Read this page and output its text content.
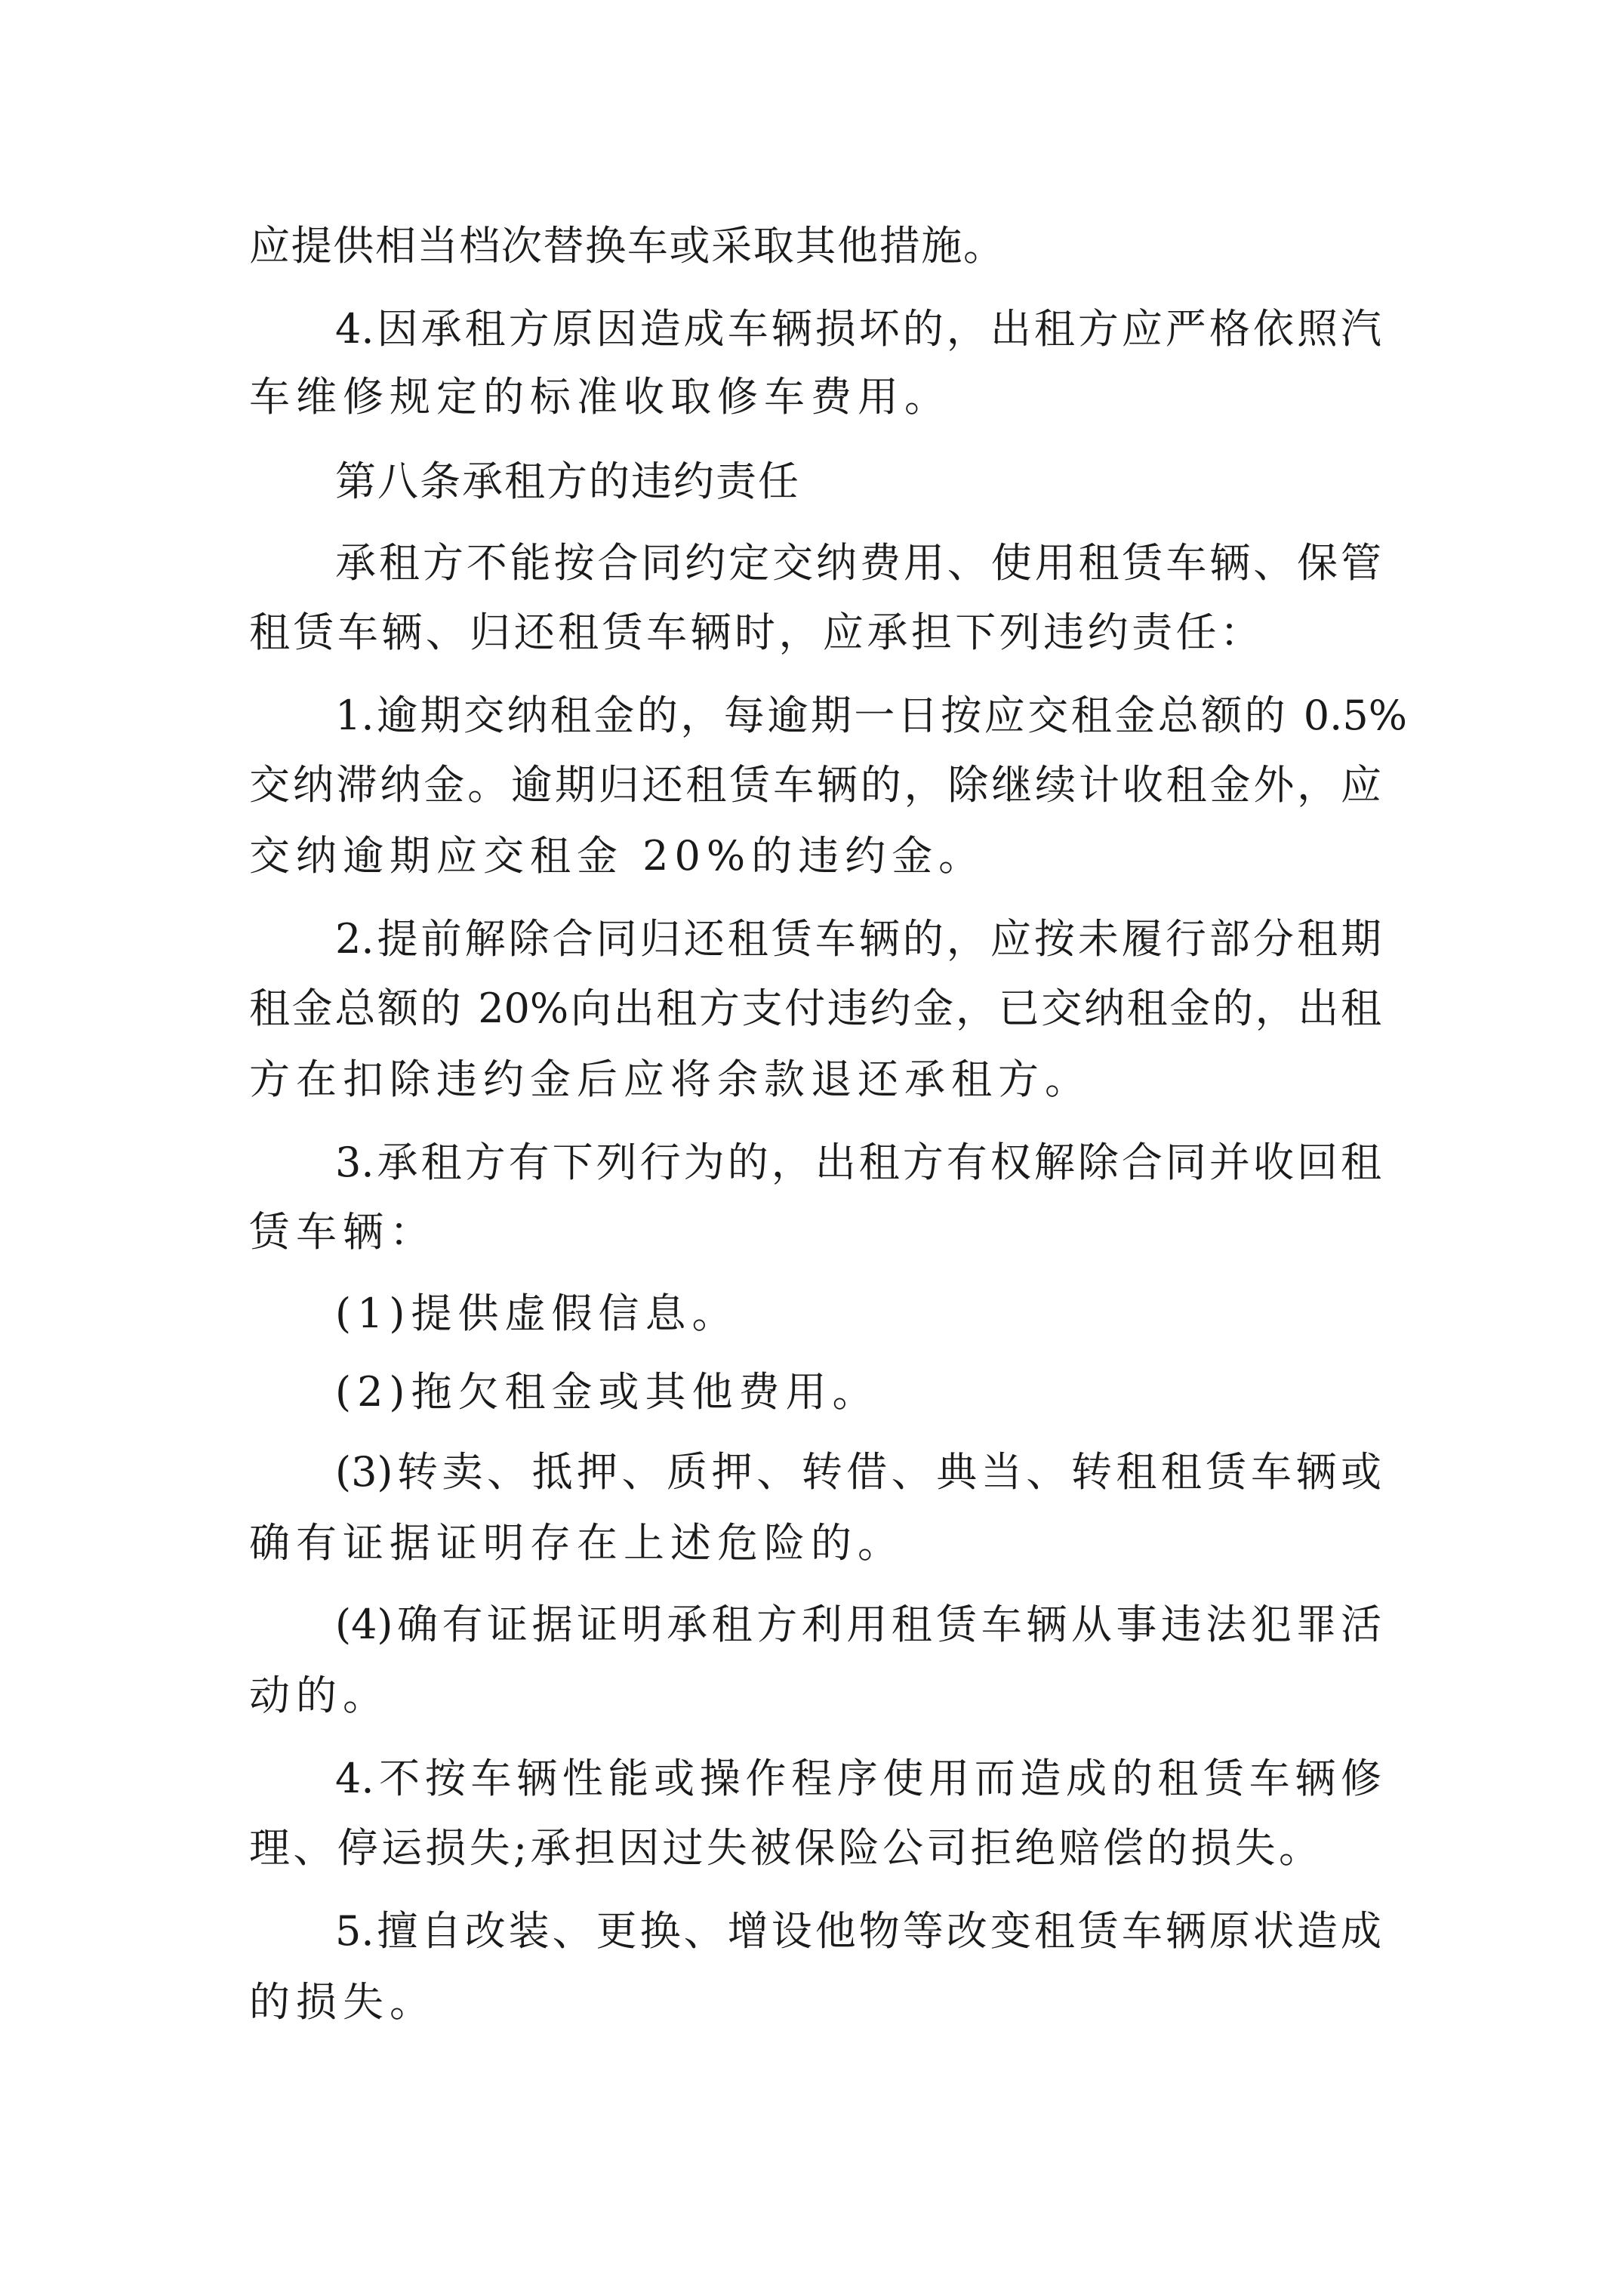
应提供相当档次替换车或采取其他措施。
4.因承租方原因造成车辆损坏的，出租方应严格依照汽
车维修规定的标准收取修车费用。
第八条承租方的违约责任
承租方不能按合同约定交纳费用、使用租赁车辆、保管
租赁车辆、归还租赁车辆时，应承担下列违约责任：
1.逾期交纳租金的，每逾期一日按应交租金总额的 0.5%
交纳滞纳金。逾期归还租赁车辆的，除继续计收租金外，应
交纳逾期应交租金 20%的违约金。
2.提前解除合同归还租赁车辆的，应按未履行部分租期
租金总额的 20%向出租方支付违约金，已交纳租金的，出租
方在扣除违约金后应将余款退还承租方。
3.承租方有下列行为的，出租方有权解除合同并收回租
赁车辆：
(1)提供虚假信息。
(2)拖欠租金或其他费用。
(3)转卖、抵押、质押、转借、典当、转租租赁车辆或
确有证据证明存在上述危险的。
(4)确有证据证明承租方利用租赁车辆从事违法犯罪活
动的。
4.不按车辆性能或操作程序使用而造成的租赁车辆修
理、停运损失;承担因过失被保险公司拒绝赔偿的损失。
5.擅自改装、更换、增设他物等改变租赁车辆原状造成
的损失。
